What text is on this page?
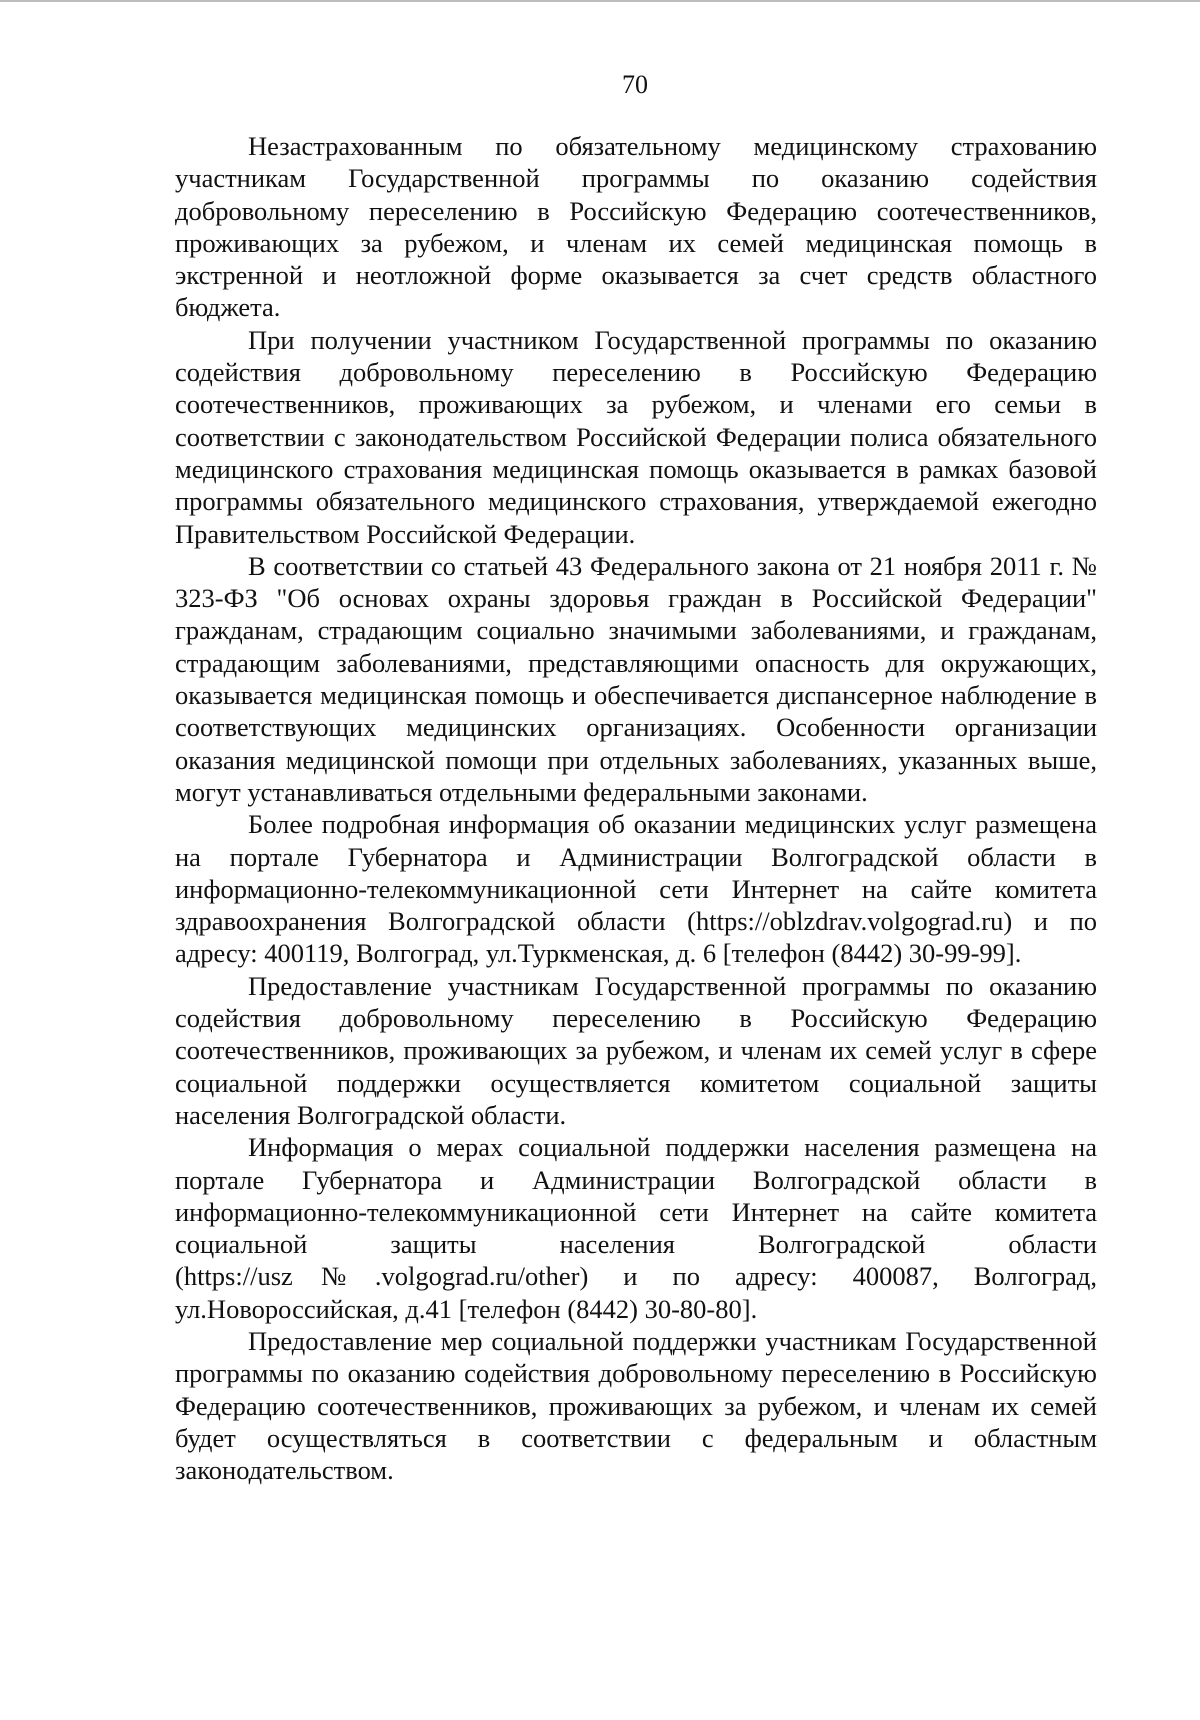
70

Незастрахованным по обязательному медицинскому страхованию участникам Государственной программы по оказанию содействия добровольному переселению в Российскую Федерацию соотечественников, проживающих за рубежом, и членам их семей медицинская помощь в экстренной и неотложной форме оказывается за счет средств областного бюджета.

При получении участником Государственной программы по оказанию содействия добровольному переселению в Российскую Федерацию соотечественников, проживающих за рубежом, и членами его семьи в соответствии с законодательством Российской Федерации полиса обязательного медицинского страхования медицинская помощь оказывается в рамках базовой программы обязательного медицинского страхования, утверждаемой ежегодно Правительством Российской Федерации.

В соответствии со статьей 43 Федерального закона от 21 ноября 2011 г. № 323-ФЗ "Об основах охраны здоровья граждан в Российской Федерации" гражданам, страдающим социально значимыми заболеваниями, и гражданам, страдающим заболеваниями, представляющими опасность для окружающих, оказывается медицинская помощь и обеспечивается диспансерное наблюдение в соответствующих медицинских организациях. Особенности организации оказания медицинской помощи при отдельных заболеваниях, указанных выше, могут устанавливаться отдельными федеральными законами.

Более подробная информация об оказании медицинских услуг размещена на портале Губернатора и Администрации Волгоградской области в информационно-телекоммуникационной сети Интернет на сайте комитета здравоохранения Волгоградской области (https://oblzdrav.volgograd.ru) и по адресу: 400119, Волгоград, ул.Туркменская, д. 6 [телефон (8442) 30-99-99].

Предоставление участникам Государственной программы по оказанию содействия добровольному переселению в Российскую Федерацию соотечественников, проживающих за рубежом, и членам их семей услуг в сфере социальной поддержки осуществляется комитетом социальной защиты населения Волгоградской области.

Информация о мерах социальной поддержки населения размещена на портале Губернатора и Администрации Волгоградской области в информационно-телекоммуникационной сети Интернет на сайте комитета социальной защиты населения Волгоградской области (https://usz№.volgograd.ru/other) и по адресу: 400087, Волгоград, ул.Новороссийская, д.41 [телефон (8442) 30-80-80].

Предоставление мер социальной поддержки участникам Государственной программы по оказанию содействия добровольному переселению в Российскую Федерацию соотечественников, проживающих за рубежом, и членам их семей будет осуществляться в соответствии с федеральным и областным законодательством.
